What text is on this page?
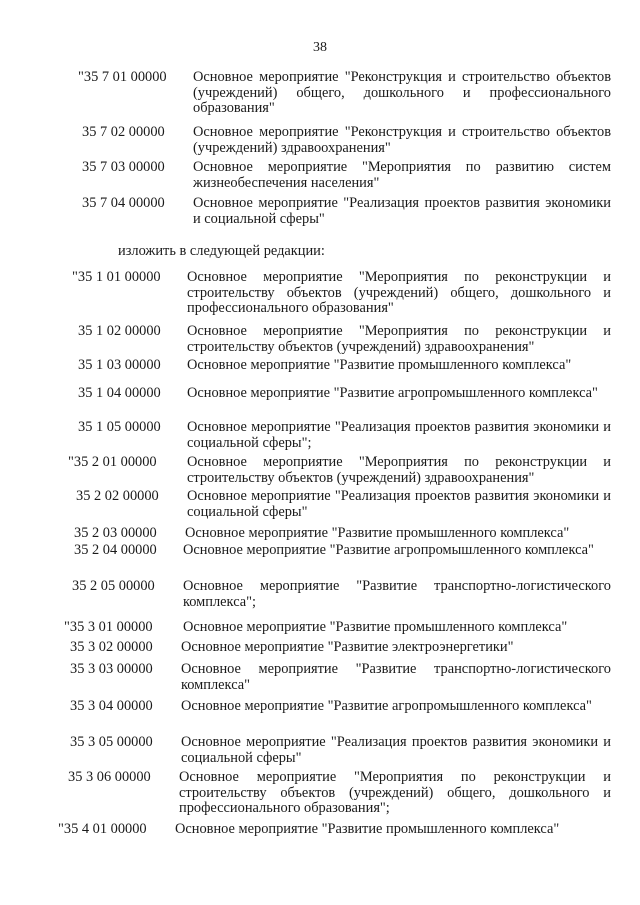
38
"35 7 01 00000 Основное мероприятие "Реконструкция и строительство объектов (учреждений) общего, дошкольного и профессионального образования"
35 7 02 00000 Основное мероприятие "Реконструкция и строительство объектов (учреждений) здравоохранения"
35 7 03 00000 Основное мероприятие "Мероприятия по развитию систем жизнеобеспечения населения"
35 7 04 00000 Основное мероприятие "Реализация проектов развития экономики и социальной сферы"
изложить в следующей редакции:
"35 1 01 00000 Основное мероприятие "Мероприятия по реконструкции и строительству объектов (учреждений) общего, дошкольного и профессионального образования"
35 1 02 00000 Основное мероприятие "Мероприятия по реконструкции и строительству объектов (учреждений) здравоохранения"
35 1 03 00000 Основное мероприятие "Развитие промышленного комплекса"
35 1 04 00000 Основное мероприятие "Развитие агропромышленного комплекса"
35 1 05 00000 Основное мероприятие "Реализация проектов развития экономики и социальной сферы";
"35 2 01 00000 Основное мероприятие "Мероприятия по реконструкции и строительству объектов (учреждений) здравоохранения"
35 2 02 00000 Основное мероприятие "Реализация проектов развития экономики и социальной сферы"
35 2 03 00000 Основное мероприятие "Развитие промышленного комплекса"
35 2 04 00000 Основное мероприятие "Развитие агропромышленного комплекса"
35 2 05 00000 Основное мероприятие "Развитие транспортно-логистического комплекса";
"35 3 01 00000 Основное мероприятие "Развитие промышленного комплекса"
35 3 02 00000 Основное мероприятие "Развитие электроэнергетики"
35 3 03 00000 Основное мероприятие "Развитие транспортно-логистического комплекса"
35 3 04 00000 Основное мероприятие "Развитие агропромышленного комплекса"
35 3 05 00000 Основное мероприятие "Реализация проектов развития экономики и социальной сферы"
35 3 06 00000 Основное мероприятие "Мероприятия по реконструкции и строительству объектов (учреждений) общего, дошкольного и профессионального образования";
"35 4 01 00000 Основное мероприятие "Развитие промышленного комплекса"
